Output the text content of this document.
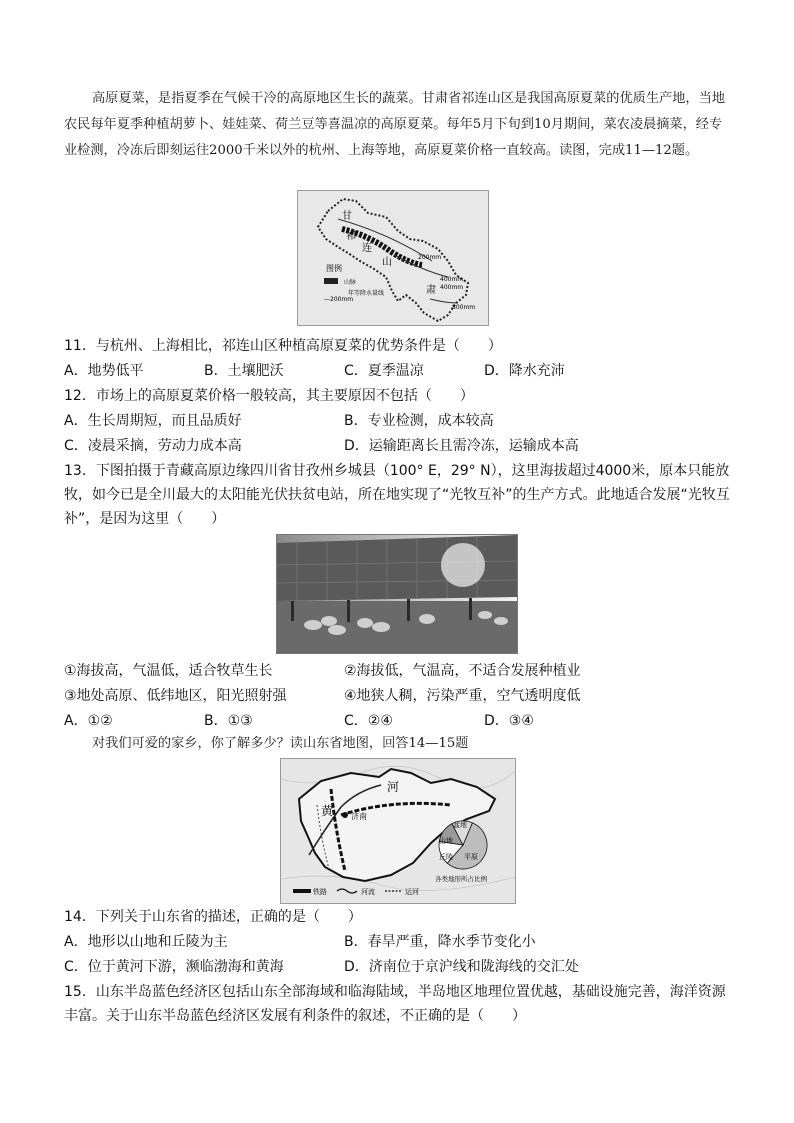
高原夏菜，是指夏季在气候干冷的高原地区生长的蔬菜。甘肃省祁连山区是我国高原夏菜的优质生产地，当地农民每年夏季种植胡萝卜、娃娃菜、荷兰豆等喜温凉的高原夏菜。每年5月下旬到10月期间，菜农凌晨摘菜，经专业检测，冷冻后即刻运往2000千米以外的杭州、上海等地，高原夏菜价格一直较高。读图，完成11—12题。
甘
祁
连
山
肃
200mm
400mm
400mm
800mm
图例
山脉
—200mm
年等降水量线
11．与杭州、上海相比，祁连山区种植高原夏菜的优势条件是（　　）
A．地势低平	B．土壤肥沃	C．夏季温凉	D．降水充沛
12．市场上的高原夏菜价格一般较高，其主要原因不包括（　　）
A．生长周期短，而且品质好	B．专业检测，成本较高
C．凌晨采摘，劳动力成本高	D．运输距离长且需冷冻，运输成本高
13．下图拍摄于青藏高原边缘四川省甘孜州乡城县（100° E，29° N），这里海拔超过4000米，原本只能放牧，如今已是全川最大的太阳能光伏扶贫电站，所在地实现了“光牧互补”的生产方式。此地适合发展“光牧互补”，是因为这里（　　）
①海拔高，气温低，适合牧草生长	②海拔低，气温高，不适合发展种植业
③地处高原、低纬地区，阳光照射强	④地狭人稠，污染严重，空气透明度低
A．①②	B．①③	C．②④	D．③④
对我们可爱的家乡，你了解多少？读山东省地图，回答14—15题
济南
河
黄
盆地
山地
丘陵 平原
各类地形所占比例
铁路	河流	运河
14．下列关于山东省的描述，正确的是（　　）
A．地形以山地和丘陵为主	B．春旱严重，降水季节变化小
C．位于黄河下游，濒临渤海和黄海	D．济南位于京沪线和陇海线的交汇处
15．山东半岛蓝色经济区包括山东全部海域和临海陆域，半岛地区地理位置优越，基础设施完善，海洋资源丰富。关于山东半岛蓝色经济区发展有利条件的叙述，不正确的是（　　）
